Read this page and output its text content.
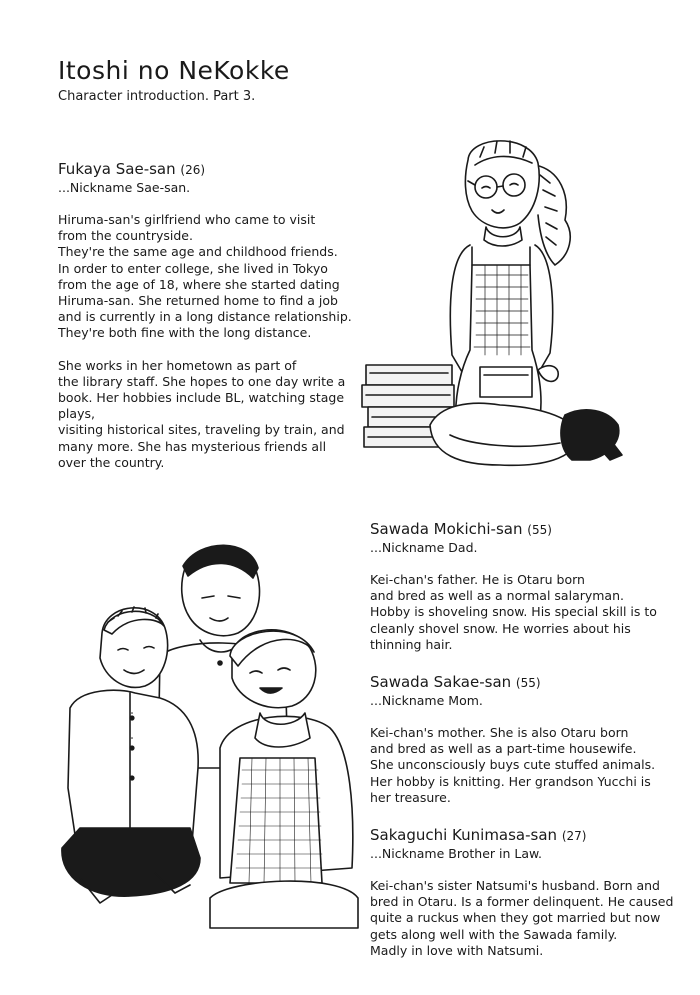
Itoshi no NeKokke
Character introduction. Part 3.
Fukaya Sae-san (26)
...Nickname Sae-san.

Hiruma-san's girlfriend who came to visit
from the countryside.
They're the same age and childhood friends.
In order to enter college, she lived in Tokyo
from the age of 18, where she started dating
Hiruma-san. She returned home to find a job
and is currently in a long distance relationship.
They're both fine with the long distance.

She works in her hometown as part of
the library staff. She hopes to one day write a
book. Her hobbies include BL, watching stage plays,
visiting historical sites, traveling by train, and
many more. She has mysterious friends all
over the country.

Sawada Mokichi-san (55)
...Nickname Dad.

Kei-chan's father. He is Otaru born
and bred as well as a normal salaryman.
Hobby is shoveling snow. His special skill is to
cleanly shovel snow. He worries about his
thinning hair.

Sawada Sakae-san (55)
...Nickname Mom.

Kei-chan's mother. She is also Otaru born
and bred as well as a part-time housewife.
She unconsciously buys cute stuffed animals.
Her hobby is knitting. Her grandson Yucchi is
her treasure.

Sakaguchi Kunimasa-san (27)
...Nickname Brother in Law.

Kei-chan's sister Natsumi's husband. Born and
bred in Otaru. Is a former delinquent. He caused
quite a ruckus when they got married but now
gets along well with the Sawada family.
Madly in love with Natsumi.
